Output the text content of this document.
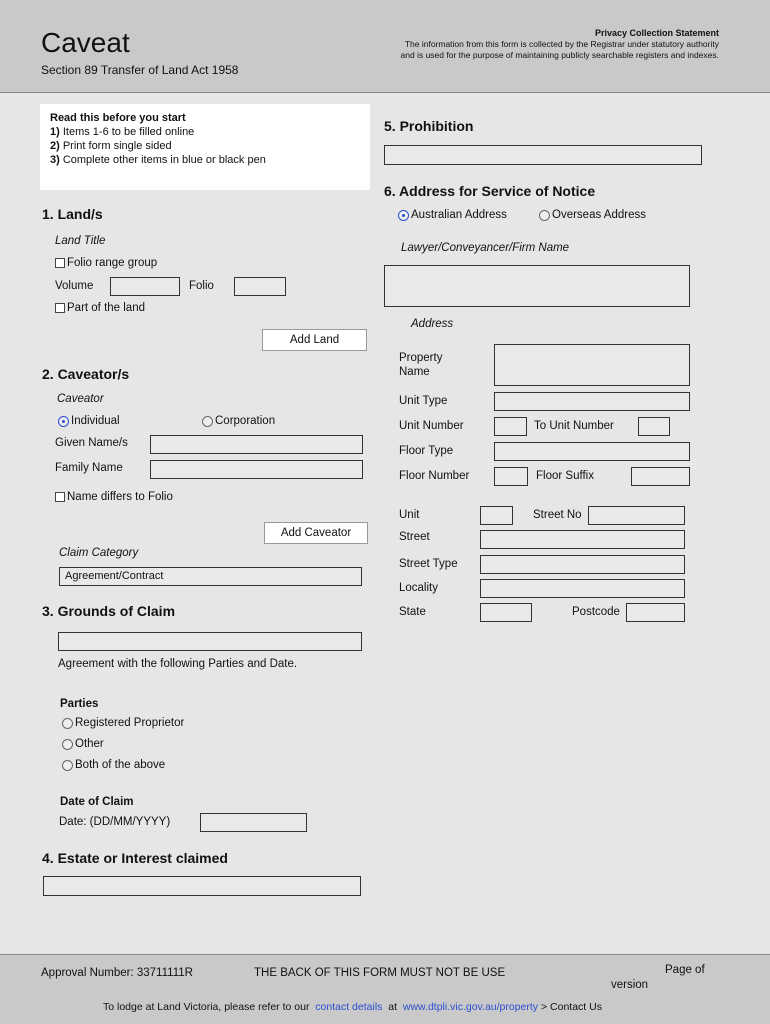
Caveat
Section 89 Transfer of Land Act 1958
Privacy Collection Statement
The information from this form is collected by the Registrar under statutory authority and is used for the purpose of maintaining publicly searchable registers and indexes.
Read this before you start
1) Items 1-6 to be filled online
2) Print form single sided
3) Complete other items in blue or black pen
1. Land/s
Land Title
Folio range group
Volume	Folio
Part of the land
Add Land
2. Caveator/s
Caveator
Individual	Corporation
Given Name/s
Family Name
Name differs to Folio
Add Caveator
Claim Category
Agreement/Contract
3. Grounds of Claim
Agreement with the following Parties and Date.
Parties
Registered Proprietor
Other
Both of the above
Date of Claim
Date: (DD/MM/YYYY)
4. Estate or Interest claimed
5. Prohibition
6. Address for Service of Notice
Australian Address	Overseas Address
Lawyer/Conveyancer/Firm Name
Address
Property
Name
Unit Type
Unit Number	To Unit Number
Floor Type
Floor Number	Floor Suffix
Unit	Street No
Street
Street Type
Locality
State	Postcode
Approval Number: 33711111R	THE BACK OF THIS FORM MUST NOT BE USE	Page of
version
To lodge at Land Victoria, please refer to our contact details at www.dtpli.vic.gov.au/property > Contact Us
